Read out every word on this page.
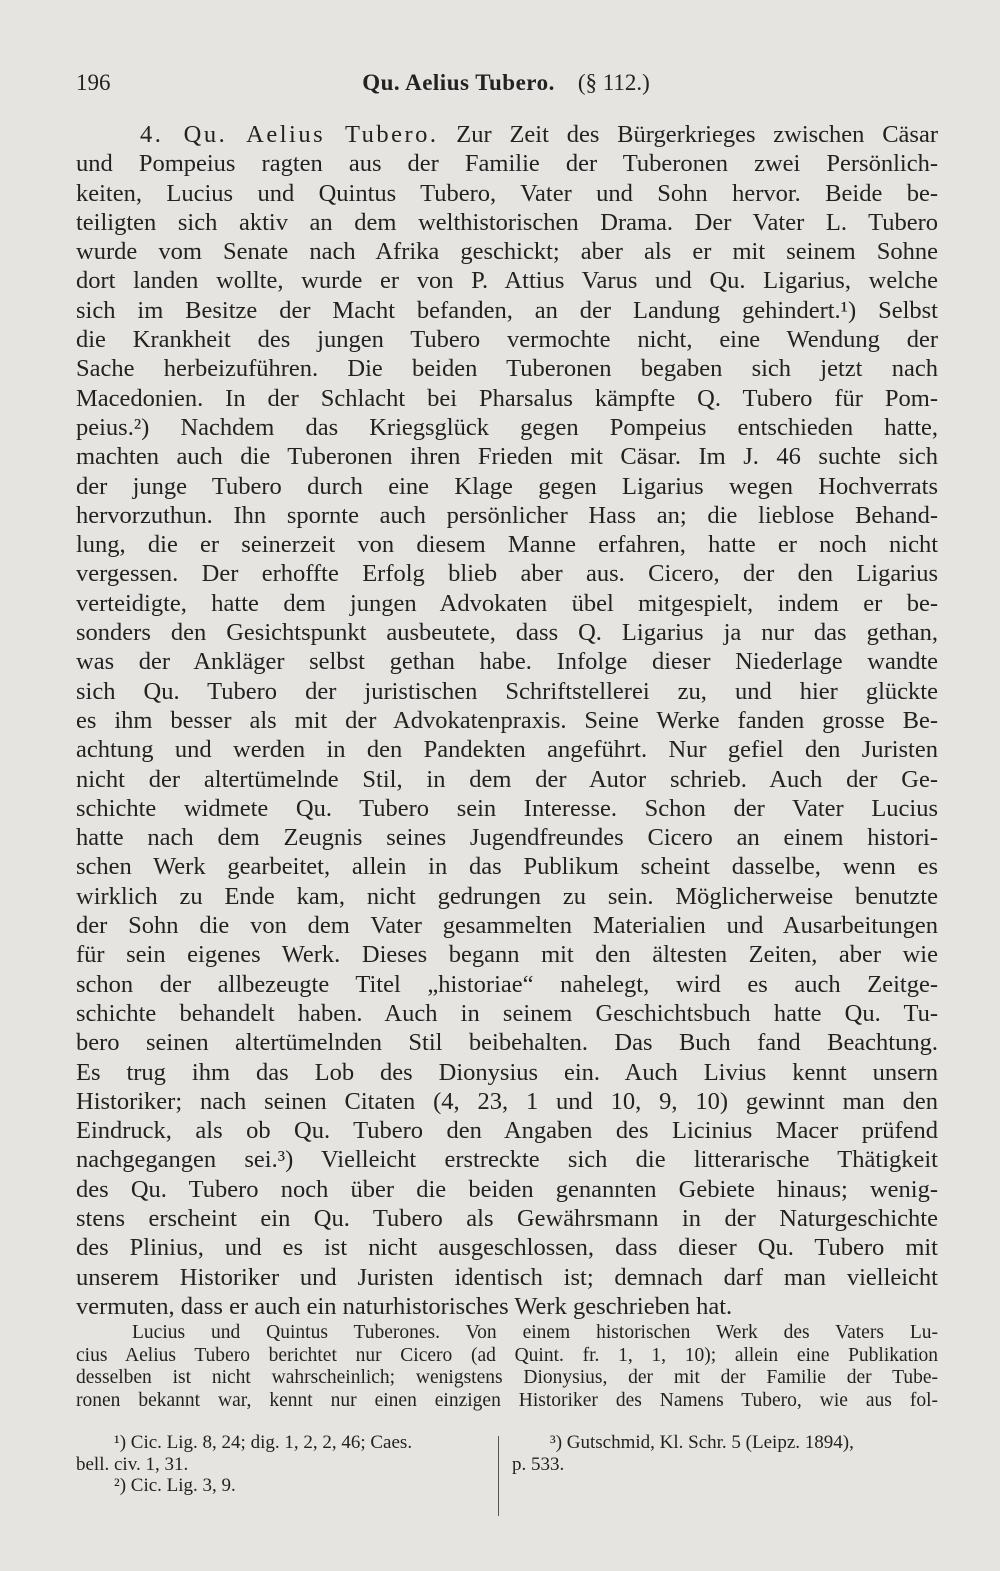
196	Qu. Aelius Tubero. (§ 112.)
4. Qu. Aelius Tubero. Zur Zeit des Bürgerkrieges zwischen Cäsar
und Pompeius ragten aus der Familie der Tuberonen zwei Persönlich-
keiten, Lucius und Quintus Tubero, Vater und Sohn hervor. Beide be-
teiligten sich aktiv an dem welthistorischen Drama. Der Vater L. Tubero
wurde vom Senate nach Afrika geschickt; aber als er mit seinem Sohne
dort landen wollte, wurde er von P. Attius Varus und Qu. Ligarius, welche
sich im Besitze der Macht befanden, an der Landung gehindert.¹) Selbst
die Krankheit des jungen Tubero vermochte nicht, eine Wendung der
Sache herbeizuführen. Die beiden Tuberonen begaben sich jetzt nach
Macedonien. In der Schlacht bei Pharsalus kämpfte Q. Tubero für Pom-
peius.²) Nachdem das Kriegsglück gegen Pompeius entschieden hatte,
machten auch die Tuberonen ihren Frieden mit Cäsar. Im J. 46 suchte sich
der junge Tubero durch eine Klage gegen Ligarius wegen Hochverrats
hervorzuthun. Ihn spornte auch persönlicher Hass an; die lieblose Behand-
lung, die er seinerzeit von diesem Manne erfahren, hatte er noch nicht
vergessen. Der erhoffte Erfolg blieb aber aus. Cicero, der den Ligarius
verteidigte, hatte dem jungen Advokaten übel mitgespielt, indem er be-
sonders den Gesichtspunkt ausbeutete, dass Q. Ligarius ja nur das gethan,
was der Ankläger selbst gethan habe. Infolge dieser Niederlage wandte
sich Qu. Tubero der juristischen Schriftstellerei zu, und hier glückte
es ihm besser als mit der Advokatenpraxis. Seine Werke fanden grosse Be-
achtung und werden in den Pandekten angeführt. Nur gefiel den Juristen
nicht der altertümelnde Stil, in dem der Autor schrieb. Auch der Ge-
schichte widmete Qu. Tubero sein Interesse. Schon der Vater Lucius
hatte nach dem Zeugnis seines Jugendfreundes Cicero an einem histori-
schen Werk gearbeitet, allein in das Publikum scheint dasselbe, wenn es
wirklich zu Ende kam, nicht gedrungen zu sein. Möglicherweise benutzte
der Sohn die von dem Vater gesammelten Materialien und Ausarbeitungen
für sein eigenes Werk. Dieses begann mit den ältesten Zeiten, aber wie
schon der allbezeugte Titel „historiae“ nahelegt, wird es auch Zeitge-
schichte behandelt haben. Auch in seinem Geschichtsbuch hatte Qu. Tu-
bero seinen altertümelnden Stil beibehalten. Das Buch fand Beachtung.
Es trug ihm das Lob des Dionysius ein. Auch Livius kennt unsern
Historiker; nach seinen Citaten (4, 23, 1 und 10, 9, 10) gewinnt man den
Eindruck, als ob Qu. Tubero den Angaben des Licinius Macer prüfend
nachgegangen sei.³) Vielleicht erstreckte sich die litterarische Thätigkeit
des Qu. Tubero noch über die beiden genannten Gebiete hinaus; wenig-
stens erscheint ein Qu. Tubero als Gewährsmann in der Naturgeschichte
des Plinius, und es ist nicht ausgeschlossen, dass dieser Qu. Tubero mit
unserem Historiker und Juristen identisch ist; demnach darf man vielleicht
vermuten, dass er auch ein naturhistorisches Werk geschrieben hat.
Lucius und Quintus Tuberones. Von einem historischen Werk des Vaters Lu-
cius Aelius Tubero berichtet nur Cicero (ad Quint. fr. 1, 1, 10); allein eine Publikation
desselben ist nicht wahrscheinlich; wenigstens Dionysius, der mit der Familie der Tube-
ronen bekannt war, kennt nur einen einzigen Historiker des Namens Tubero, wie aus fol-
¹) Cic. Lig. 8, 24; dig. 1, 2, 2, 46; Caes.
bell. civ. 1, 31.
²) Cic. Lig. 3, 9.
³) Gutschmid, Kl. Schr. 5 (Leipz. 1894),
p. 533.
